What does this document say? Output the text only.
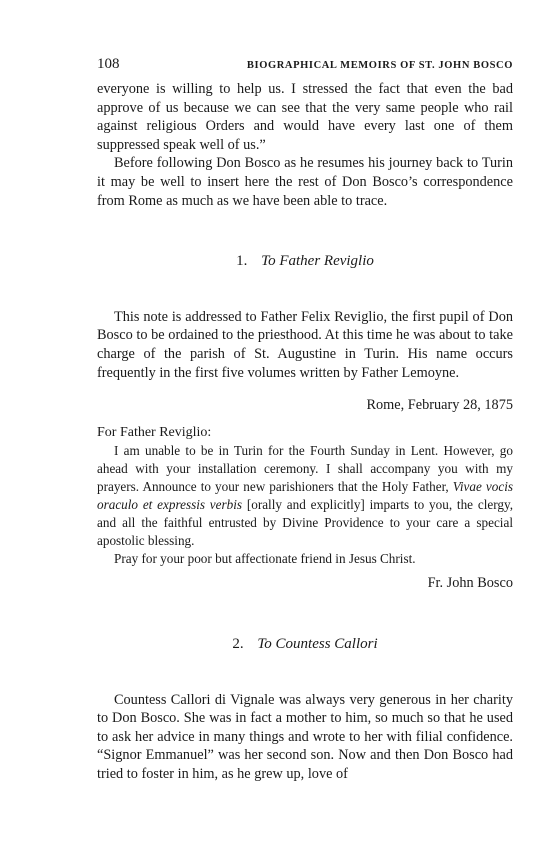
108	BIOGRAPHICAL MEMOIRS OF ST. JOHN BOSCO

everyone is willing to help us. I stressed the fact that even the bad approve of us because we can see that the very same people who rail against religious Orders and would have every last one of them suppressed speak well of us.”

Before following Don Bosco as he resumes his journey back to Turin it may be well to insert here the rest of Don Bosco’s correspondence from Rome as much as we have been able to trace.

1. To Father Reviglio

This note is addressed to Father Felix Reviglio, the first pupil of Don Bosco to be ordained to the priesthood. At this time he was about to take charge of the parish of St. Augustine in Turin. His name occurs frequently in the first five volumes written by Father Lemoyne.

Rome, February 28, 1875

For Father Reviglio:

I am unable to be in Turin for the Fourth Sunday in Lent. However, go ahead with your installation ceremony. I shall accompany you with my prayers. Announce to your new parishioners that the Holy Father, Vivae vocis oraculo et expressis verbis [orally and explicitly] imparts to you, the clergy, and all the faithful entrusted by Divine Providence to your care a special apostolic blessing.

Pray for your poor but affectionate friend in Jesus Christ.

Fr. John Bosco

2. To Countess Callori

Countess Callori di Vignale was always very generous in her charity to Don Bosco. She was in fact a mother to him, so much so that he used to ask her advice in many things and wrote to her with filial confidence. “Signor Emmanuel” was her second son. Now and then Don Bosco had tried to foster in him, as he grew up, love of
